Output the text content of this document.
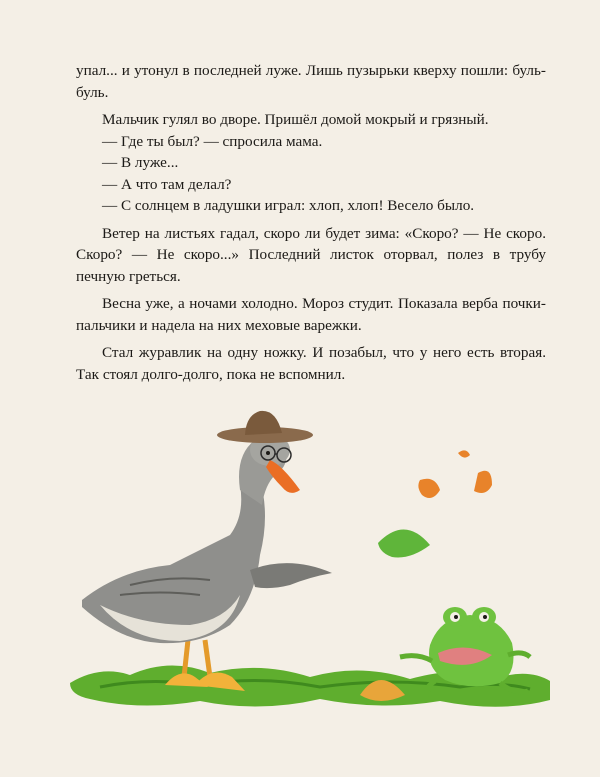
упал... и утонул в последней луже. Лишь пузырьки кверху пошли: буль-буль.

Мальчик гулял во дворе. Пришёл домой мокрый и грязный.

— Где ты был? — спросила мама.

— В луже...

— А что там делал?

— С солнцем в ладушки играл: хлоп, хлоп! Весело было.

Ветер на листьях гадал, скоро ли будет зима: «Скоро? — Не скоро. Скоро? — Не скоро...» Последний листок оторвал, полез в трубу печную греться.

Весна уже, а ночами холодно. Мороз студит. Показала верба почки-пальчики и надела на них меховые варежки.

Стал журавлик на одну ножку. И позабыл, что у него есть вторая. Так стоял долго-долго, пока не вспомнил.
